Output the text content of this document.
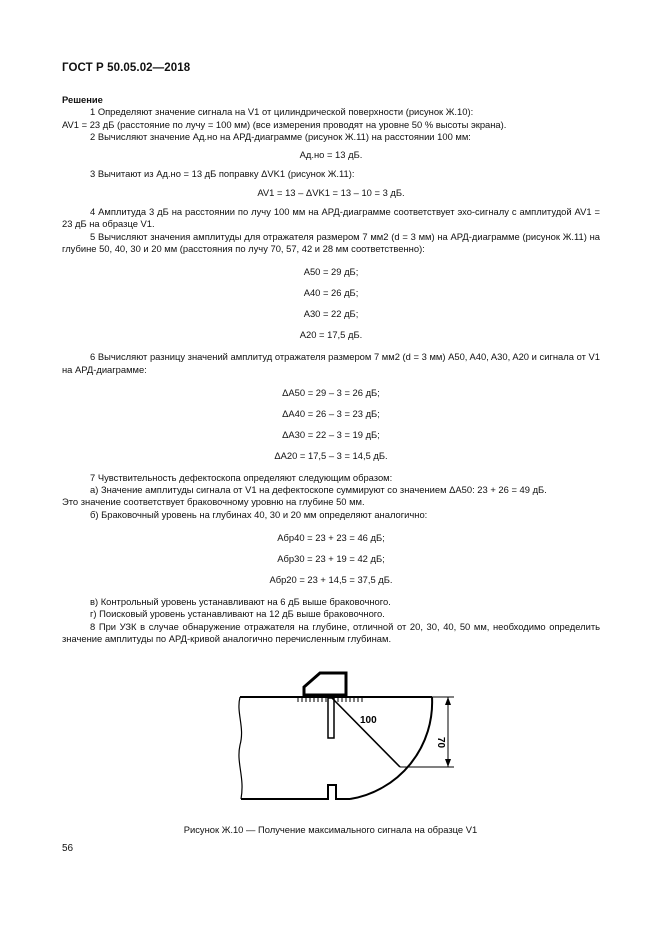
ГОСТ Р 50.05.02—2018

Решение

1 Определяют значение сигнала на V1 от цилиндрической поверхности (рисунок Ж.10):

AV1 = 23 дБ (расстояние по лучу = 100 мм) (все измерения проводят на уровне 50 % высоты экрана).

2 Вычисляют значение Aд.но на АРД-диаграмме (рисунок Ж.11) на расстоянии 100 мм:

Aд.но = 13 дБ.

3 Вычитают из Aд.но = 13 дБ поправку ΔVK1 (рисунок Ж.11):

AV1 = 13 – ΔVK1 = 13 – 10 = 3 дБ.

4 Амплитуда 3 дБ на расстоянии по лучу 100 мм на АРД-диаграмме соответствует эхо-сигналу с амплитудой AV1 = 23 дБ на образце V1.

5 Вычисляют значения амплитуды для отражателя размером 7 мм2 (d = 3 мм) на АРД-диаграмме (рисунок Ж.11) на глубине 50, 40, 30 и 20 мм (расстояния по лучу 70, 57, 42 и 28 мм соответственно):

A50 = 29 дБ;
A40 = 26 дБ;
A30 = 22 дБ;
A20 = 17,5 дБ.

6 Вычисляют разницу значений амплитуд отражателя размером 7 мм2 (d = 3 мм) A50, A40, A30, A20 и сигнала от V1 на АРД-диаграмме:

ΔA50 = 29 – 3 = 26 дБ;
ΔA40 = 26 – 3 = 23 дБ;
ΔA30 = 22 – 3 = 19 дБ;
ΔA20 = 17,5 – 3 = 14,5 дБ.

7 Чувствительность дефектоскопа определяют следующим образом:

а) Значение амплитуды сигнала от V1 на дефектоскопе суммируют со значением ΔA50: 23 + 26 = 49 дБ.

Это значение соответствует браковочному уровню на глубине 50 мм.

б) Браковочный уровень на глубинах 40, 30 и 20 мм определяют аналогично:

Aбр40 = 23 + 23 = 46 дБ;
Aбр30 = 23 + 19 = 42 дБ;
Aбр20 = 23 + 14,5 = 37,5 дБ.

в) Контрольный уровень устанавливают на 6 дБ выше браковочного.

г) Поисковый уровень устанавливают на 12 дБ выше браковочного.

8 При УЗК в случае обнаружение отражателя на глубине, отличной от 20, 30, 40, 50 мм, необходимо определить значение амплитуды по АРД-кривой аналогично перечисленным глубинам.

100
70
Рисунок Ж.10 — Получение максимального сигнала на образце V1
56
